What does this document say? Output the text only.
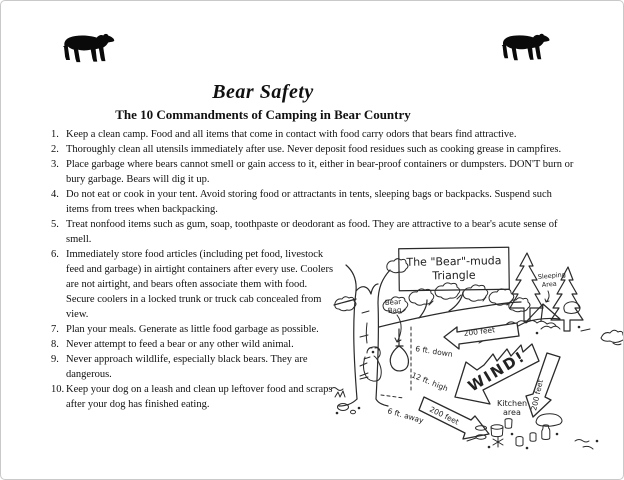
Bear Safety
The 10 Commandments of Camping in Bear Country
1. Keep a clean camp. Food and all items that come in contact with food carry odors that bears find attractive.
2. Thoroughly clean all utensils immediately after use. Never deposit food residues such as cooking grease in campfires.
3. Place garbage where bears cannot smell or gain access to it, either in bear-proof containers or dumpsters. DON'T burn or bury garbage. Bears will dig it up.
4. Do not eat or cook in your tent. Avoid storing food or attractants in tents, sleeping bags or backpacks. Suspend such items from trees when backpacking.
5. Treat nonfood items such as gum, soap, toothpaste or deodorant as food. They are attractive to a bear's acute sense of smell.
6. Immediately store food articles (including pet food, livestock feed and garbage) in airtight containers after every use. Coolers are not airtight, and bears often associate them with food. Secure coolers in a locked trunk or truck cab concealed from view.
7. Plan your meals. Generate as little food garbage as possible.
8. Never attempt to feed a bear or any other wild animal.
9. Never approach wildlife, especially black bears. They are dangerous.
10. Keep your dog on a leash and clean up leftover food and scraps after your dog has finished eating.
The "Bear"-muda
Triangle
Bear
Bag
6 ft. down
12 ft. high
6 ft. away
Sleeping
Area
200 feet
200 feet
200 feet
WIND!
Kitchen
area
